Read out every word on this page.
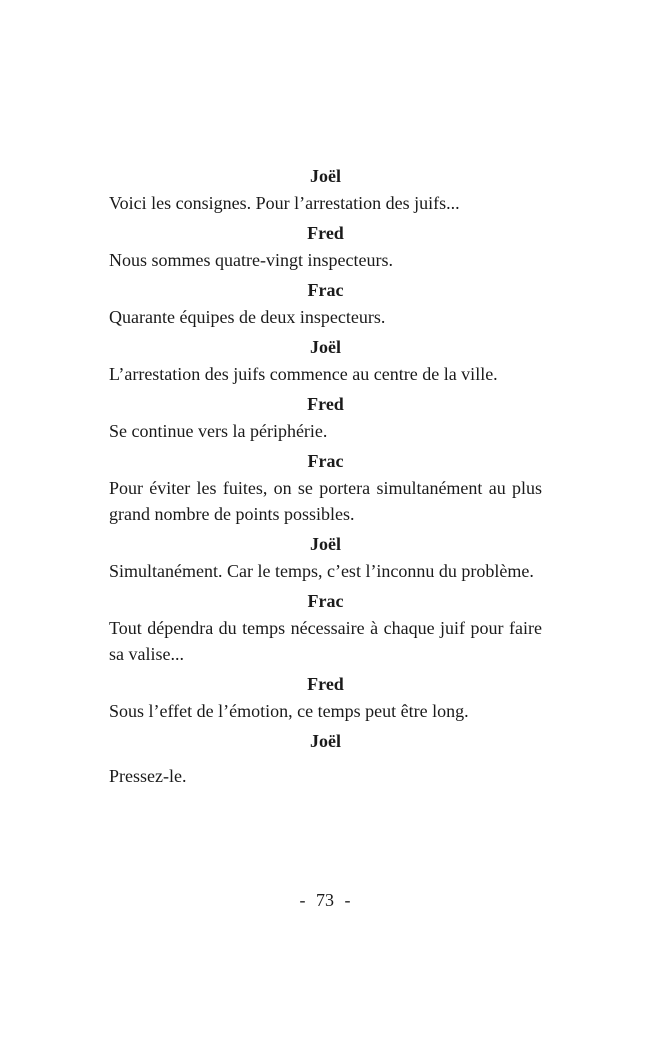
Joël

Voici les consignes. Pour l’arrestation des juifs...

Fred

Nous sommes quatre-vingt inspecteurs.

Frac

Quarante équipes de deux inspecteurs.

Joël

L’arrestation des juifs commence au centre de la ville.

Fred

Se continue vers la périphérie.

Frac

Pour éviter les fuites, on se portera simultanément au plus grand nombre de points possibles.

Joël

Simultanément. Car le temps, c’est l’inconnu du problème.

Frac

Tout dépendra du temps nécessaire à chaque juif pour faire sa valise...

Fred

Sous l’effet de l’émotion, ce temps peut être long.

Joël

Pressez-le.

- 73 -
